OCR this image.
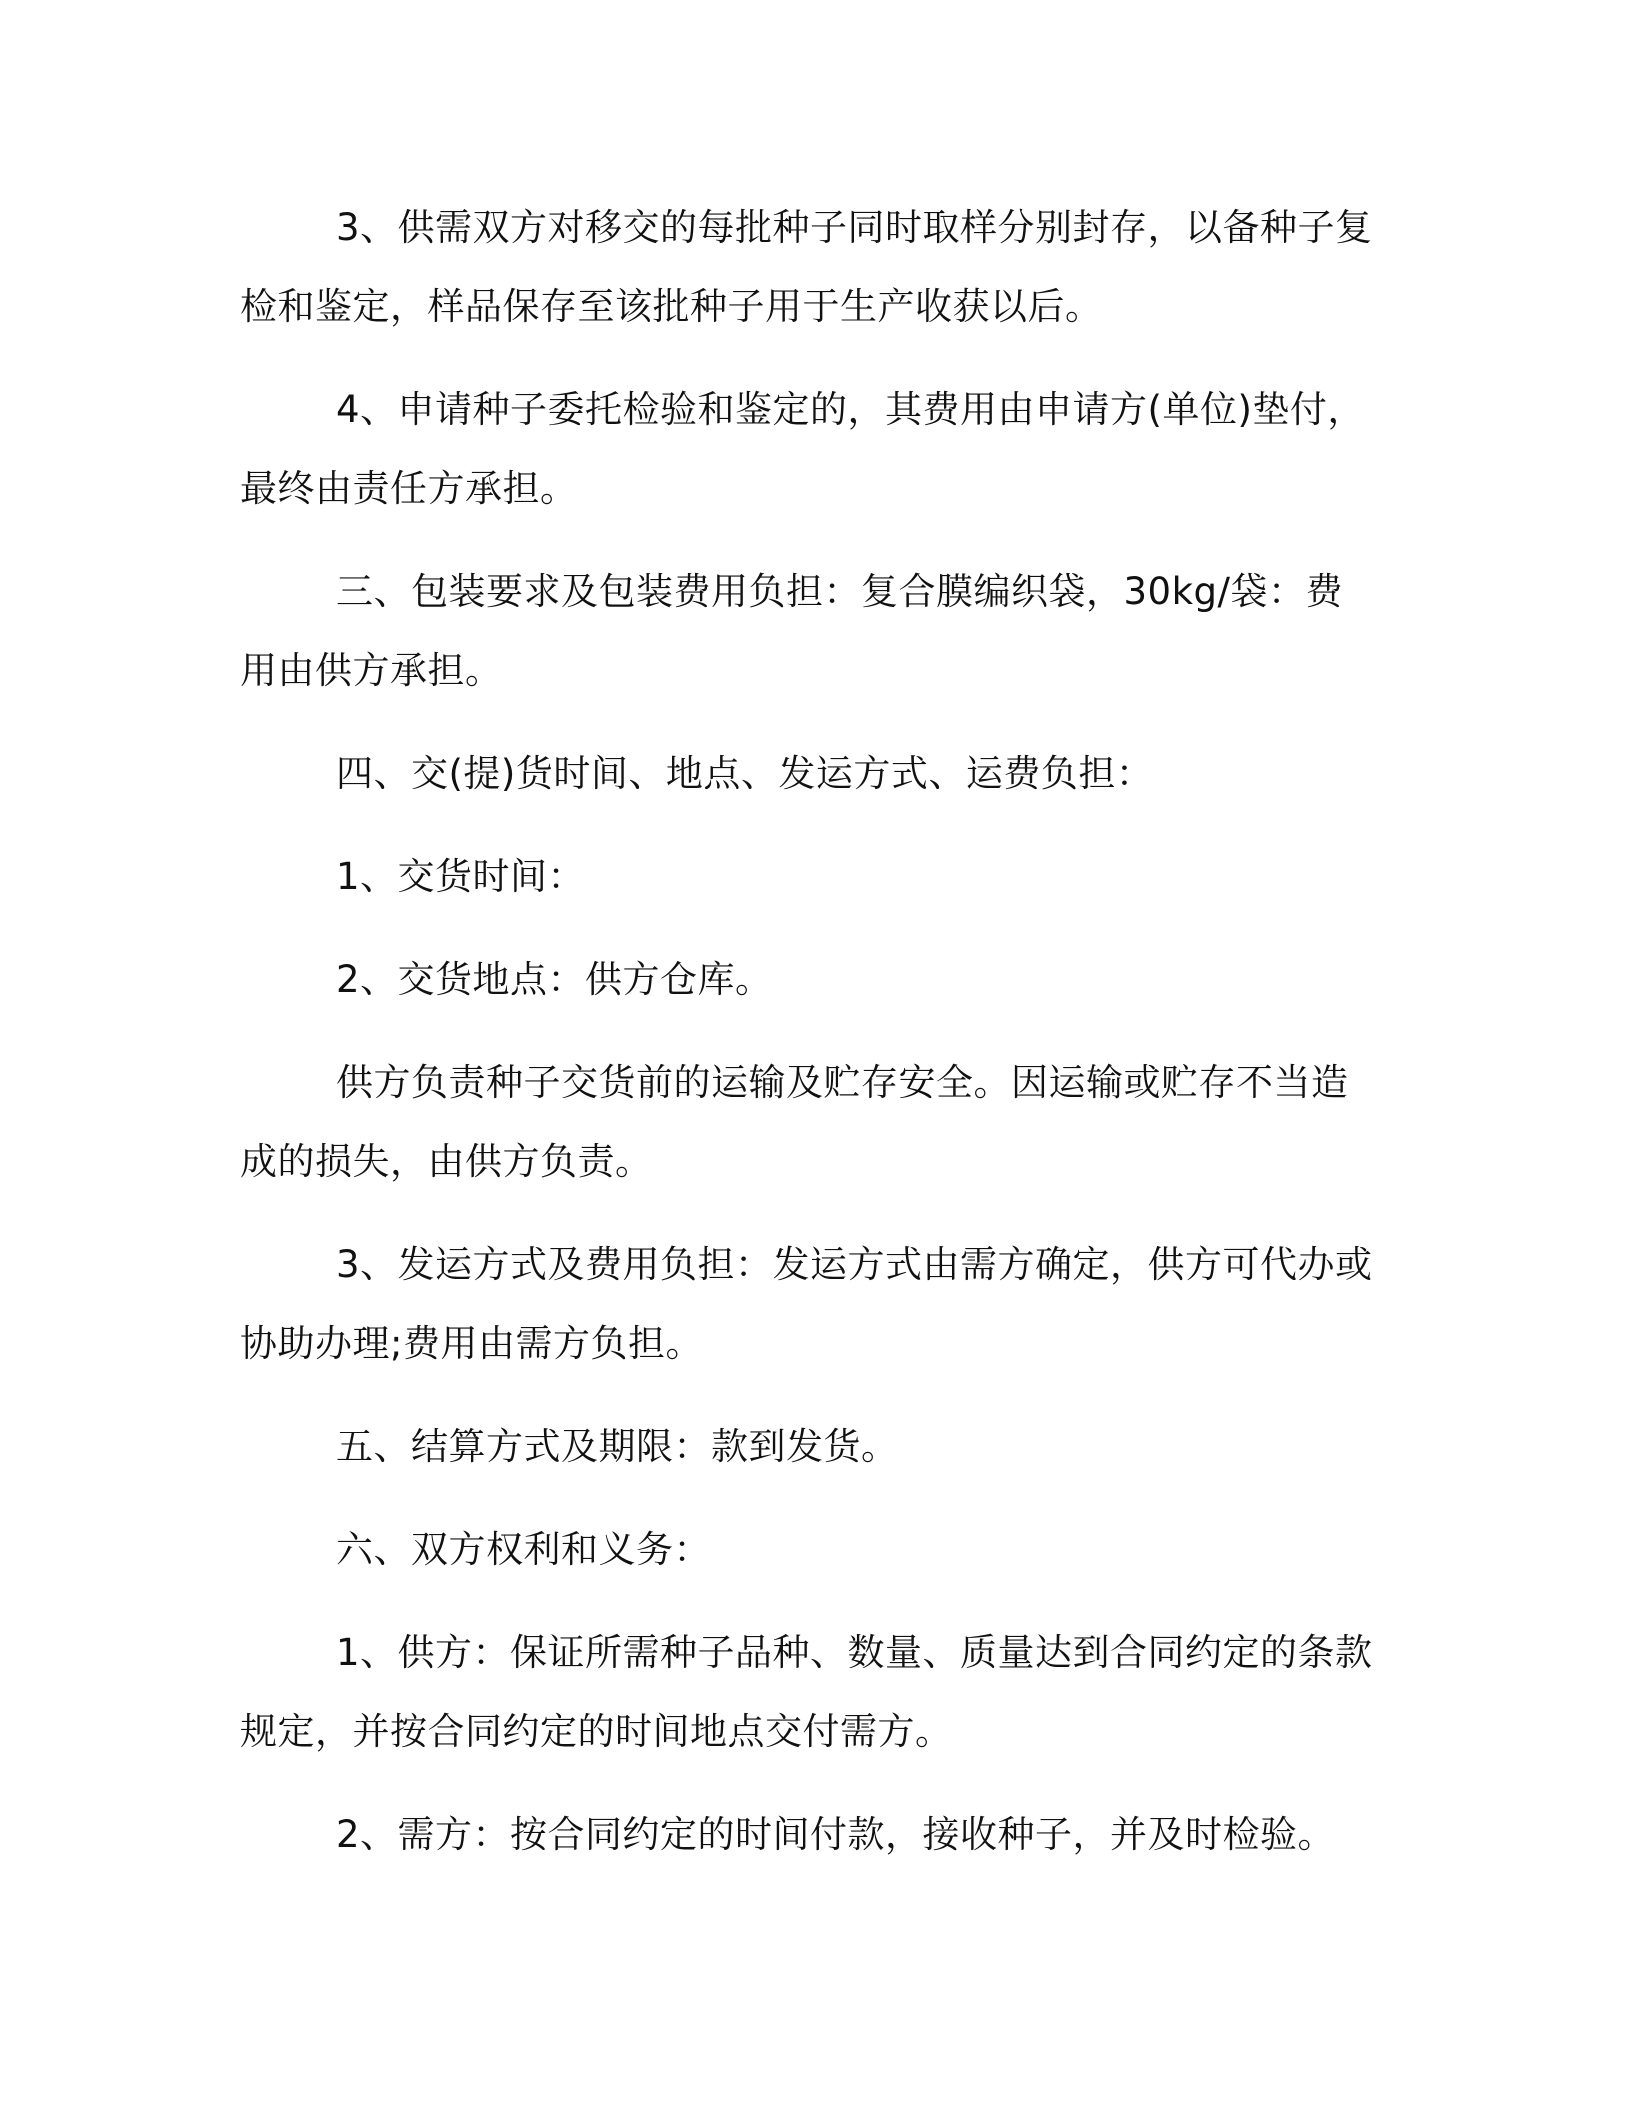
3、供需双方对移交的每批种子同时取样分别封存，以备种子复检和鉴定，样品保存至该批种子用于生产收获以后。

4、申请种子委托检验和鉴定的，其费用由申请方(单位)垫付，最终由责任方承担。

三、包装要求及包装费用负担：复合膜编织袋，30kg/袋：费用由供方承担。

四、交(提)货时间、地点、发运方式、运费负担：

1、交货时间：

2、交货地点：供方仓库。

供方负责种子交货前的运输及贮存安全。因运输或贮存不当造成的损失，由供方负责。

3、发运方式及费用负担：发运方式由需方确定，供方可代办或协助办理;费用由需方负担。

五、结算方式及期限：款到发货。

六、双方权利和义务：

1、供方：保证所需种子品种、数量、质量达到合同约定的条款规定，并按合同约定的时间地点交付需方。

2、需方：按合同约定的时间付款，接收种子，并及时检验。
